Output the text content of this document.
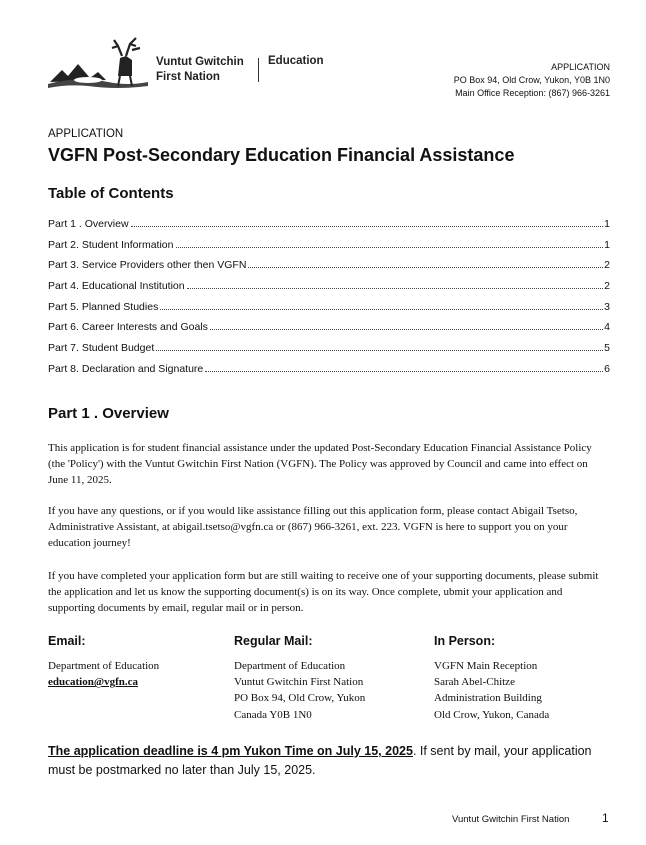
Vuntut Gwitchin
First Nation
Education	APPLICATION
PO Box 94, Old Crow, Yukon, Y0B 1N0
Main Office Reception: (867) 966-3261
APPLICATION
VGFN Post-Secondary Education Financial Assistance
Table of Contents
Part 1 . Overview	1
Part 2. Student Information	1
Part 3. Service Providers other then VGFN	2
Part 4. Educational Institution	2
Part 5. Planned Studies	3
Part 6. Career Interests and Goals	4
Part 7. Student Budget	5
Part 8. Declaration and Signature	6
Part 1 . Overview
This application is for student financial assistance under the updated Post-Secondary Education Financial Assistance Policy (the 'Policy') with the Vuntut Gwitchin First Nation (VGFN). The Policy was approved by Council and came into effect on June 11, 2025.
If you have any questions, or if you would like assistance filling out this application form, please contact Abigail Tsetso, Administrative Assistant, at abigail.tsetso@vgfn.ca or (867) 966-3261, ext. 223. VGFN is here to support you on your education journey!
If you have completed your application form but are still waiting to receive one of your supporting documents, please submit the application and let us know the supporting document(s) is on its way. Once complete, ubmit your application and supporting documents by email, regular mail or in person.
Email:
Department of Education
education@vgfn.ca
Regular Mail:
Department of Education
Vuntut Gwitchin First Nation
PO Box 94, Old Crow, Yukon
Canada Y0B 1N0
In Person:
VGFN Main Reception
Sarah Abel-Chitze
Administration Building
Old Crow, Yukon, Canada
The application deadline is 4 pm Yukon Time on July 15, 2025. If sent by mail, your application must be postmarked no later than July 15, 2025.
Vuntut Gwitchin First Nation	1
